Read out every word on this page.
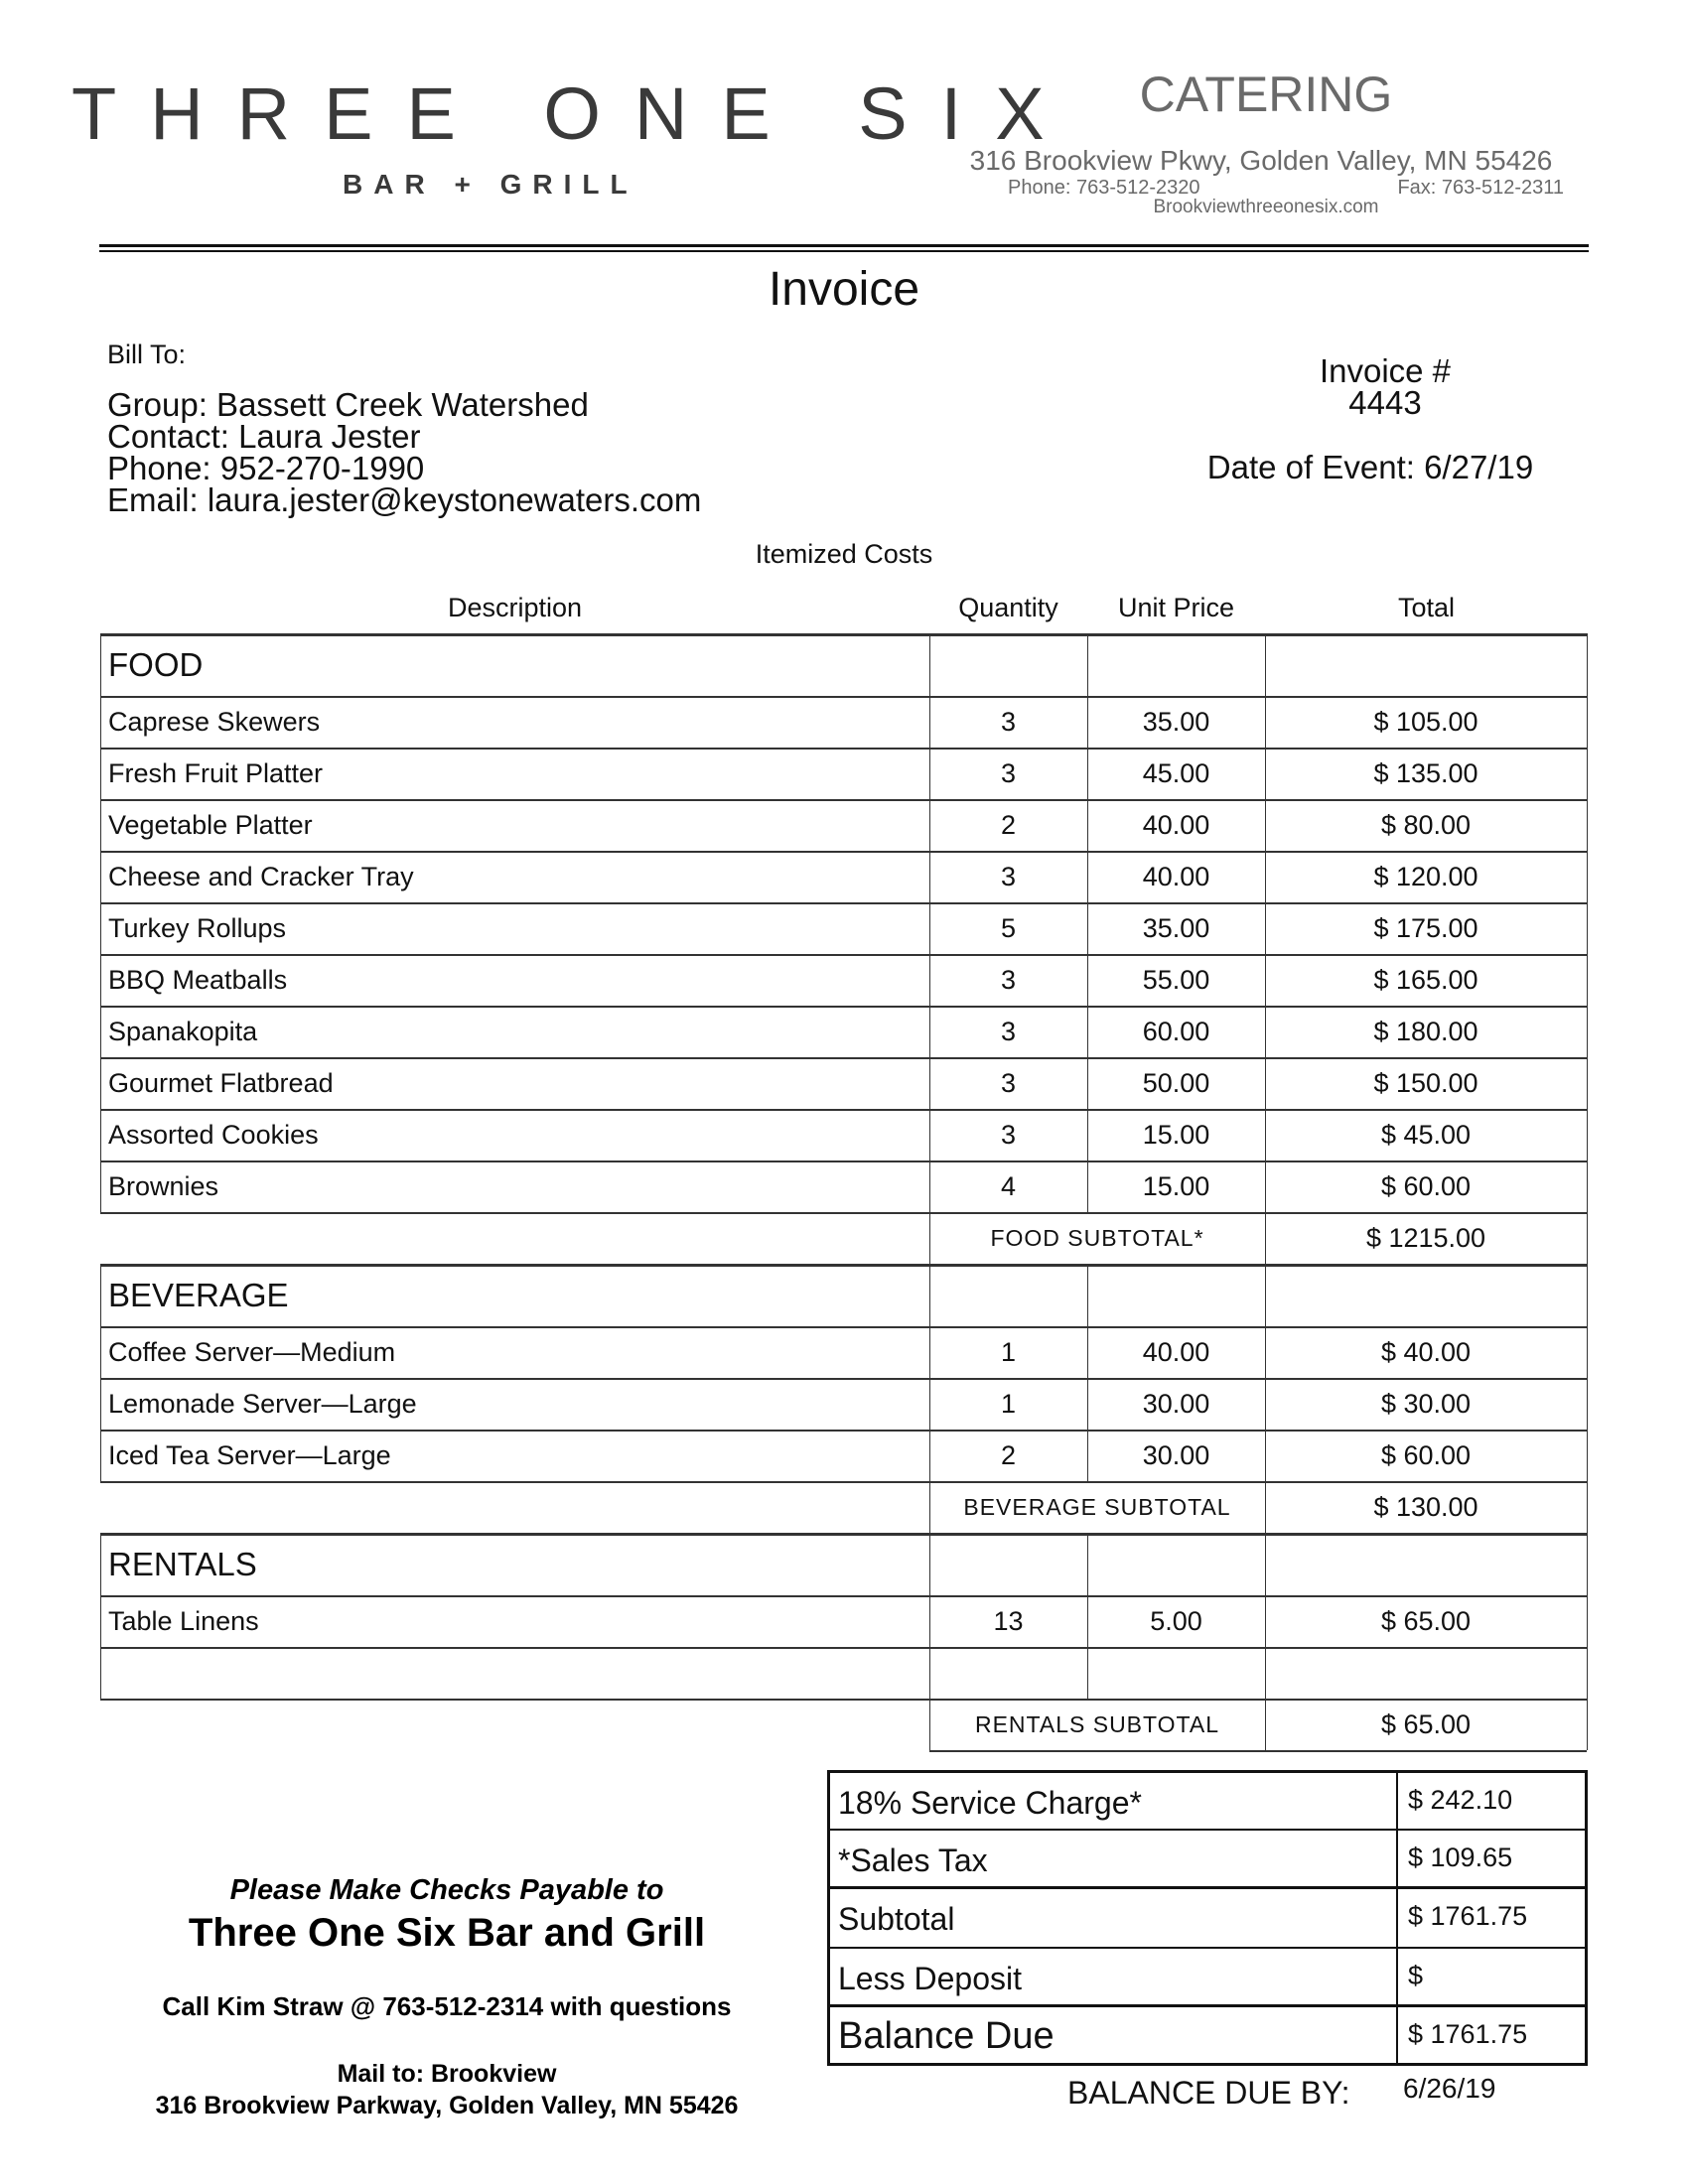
THREE ONE SIX
BAR + GRILL
CATERING
316 Brookview Pkwy, Golden Valley, MN 55426
Phone: 763-512-2320	Fax: 763-512-2311
Brookviewthreeonesix.com
Invoice
Bill To:
Group: Bassett Creek Watershed
Contact: Laura Jester
Phone: 952-270-1990
Email: laura.jester@keystonewaters.com
Invoice #
4443
Date of Event: 6/27/19
Itemized Costs
Description	Quantity	Unit Price	Total
FOOD
Caprese Skewers	3	35.00	$ 105.00
Fresh Fruit Platter	3	45.00	$ 135.00
Vegetable Platter	2	40.00	$ 80.00
Cheese and Cracker Tray	3	40.00	$ 120.00
Turkey Rollups	5	35.00	$ 175.00
BBQ Meatballs	3	55.00	$ 165.00
Spanakopita	3	60.00	$ 180.00
Gourmet Flatbread	3	50.00	$ 150.00
Assorted Cookies	3	15.00	$ 45.00
Brownies	4	15.00	$ 60.00
FOOD SUBTOTAL*	$ 1215.00
BEVERAGE
Coffee Server—Medium	1	40.00	$ 40.00
Lemonade Server—Large	1	30.00	$ 30.00
Iced Tea Server—Large	2	30.00	$ 60.00
BEVERAGE SUBTOTAL	$ 130.00
RENTALS
Table Linens	13	5.00	$ 65.00
RENTALS SUBTOTAL	$ 65.00
18% Service Charge*	$ 242.10
*Sales Tax	$ 109.65
Subtotal	$ 1761.75
Less Deposit	$
Balance Due	$ 1761.75
BALANCE DUE BY: 6/26/19
Please Make Checks Payable to
Three One Six Bar and Grill
Call Kim Straw @ 763-512-2314 with questions
Mail to: Brookview
316 Brookview Parkway, Golden Valley, MN 55426
